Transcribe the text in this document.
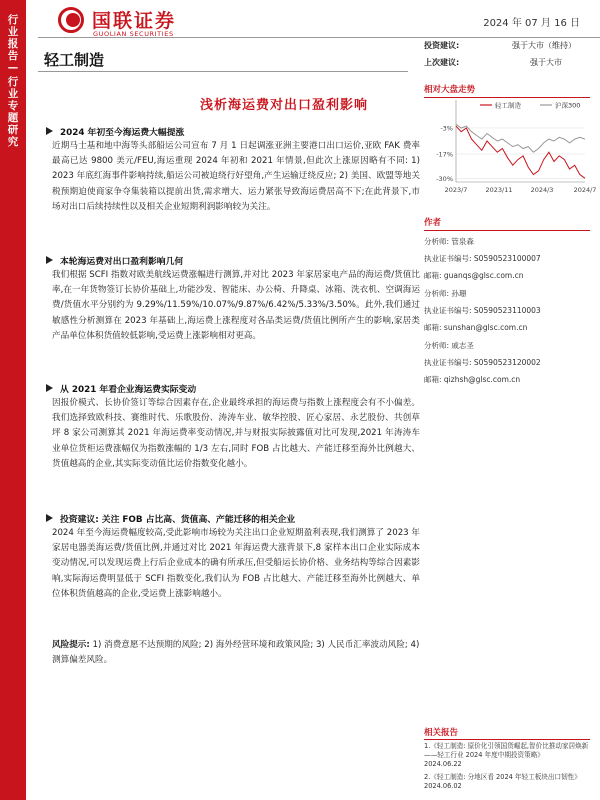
行业报告
—
行业专题研究
国联证券
GUOLIAN SECURITIES
2024 年 07 月 16 日
轻工制造
浅析海运费对出口盈利影响
投资建议:	强于大市（维持）
上次建议:	强于大市
相对大盘走势
-3%
-17%
-30%
2023/7	2023/11	2024/3	2024/7
轻工制造	沪深300
作者
分析师: 管泉森
执业证书编号: S0590523100007
邮箱: guanqs@glsc.com.cn
分析师: 孙珊
执业证书编号: S0590523110003
邮箱: sunshan@glsc.com.cn
分析师: 戚志圣
执业证书编号: S0590523120002
邮箱: qizhsh@glsc.com.cn
2024 年初至今海运费大幅提涨
近期马士基和地中海等头部船运公司宣布 7 月 1 日起调涨亚洲主要港口出口运价,亚欧 FAK 费率最高已达 9800 美元/FEU,海运重现 2024 年初和 2021 年情景,但此次上涨原因略有不同: 1) 2023 年底红海事件影响持续,船运公司被迫绕行好望角,产生运输迂绕反应; 2) 美国、欧盟等地关税预期迫使商家争夺集装箱以提前出货,需求增大、运力紧张导致海运费居高不下;在此背景下,市场对出口后续持续性以及相关企业短期利润影响较为关注。
本轮海运费对出口盈利影响几何
我们根据 SCFI 指数对欧美航线运费涨幅进行测算,并对比 2023 年家居家电产品的海运费/货值比率,在一年货物签订长协价基础上,功能沙发、智能床、办公椅、升降桌、冰箱、洗衣机、空调海运费/货值水平分别约为 9.29%/11.59%/10.07%/9.87%/6.42%/5.33%/3.50%。此外,我们通过敏感性分析测算在 2023 年基础上,海运费上涨程度对各品类运费/货值比例所产生的影响,家居类产品单位体积货值较低影响,受运费上涨影响相对更高。
从 2021 年看企业海运费实际变动
因报价模式、长协价签订等综合因素存在,企业最终承担的海运费与指数上涨程度会有不小偏差。我们选择致欧科技、赛维时代、乐歌股份、涛涛车业、敏华控股、匠心家居、永艺股份、共创草坪 8 家公司测算其 2021 年海运费率变动情况,并与财报实际披露值对比可发现,2021 年涛涛车业单位货柜运费涨幅仅为指数涨幅的 1/3 左右,同时 FOB 占比越大、产能迁移至海外比例越大、货值越高的企业,其实际变动值比运价指数变化越小。
投资建议: 关注 FOB 占比高、货值高、产能迁移的相关企业
2024 年至今海运费幅度较高,受此影响市场较为关注出口企业短期盈利表现,我们测算了 2023 年家居电器美海运费/货值比例,并通过对比 2021 年海运费大涨背景下,8 家样本出口企业实际成本变动情况,可以发现运费上行后企业成本的确有所承压,但受船运长协价格、业务结构等综合因素影响,实际海运费明显低于 SCFI 指数变化,我们认为 FOB 占比越大、产能迁移至海外比例越大、单位体积货值越高的企业,受运费上涨影响越小。
风险提示: 1) 消费意愿不达预期的风险; 2) 海外经营环境和政策风险; 3) 人民币汇率波动风险; 4) 测算偏差风险。
相关报告
1.《轻工制造: 原价化引领国货崛起,智价比推动家居焕新——轻工行业 2024 年度中期投资策略》
2024.06.22
2.《轻工制造: 分地区看 2024 年轻工板块出口韧性》
2024.06.02
